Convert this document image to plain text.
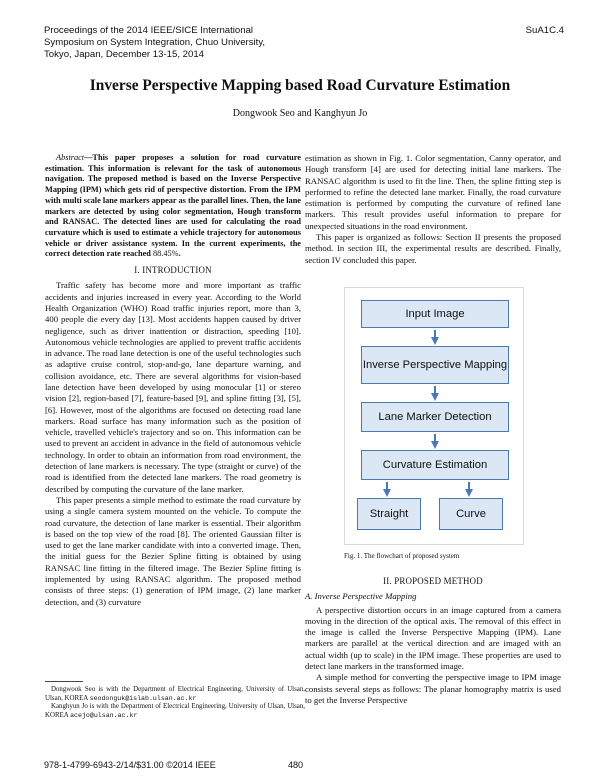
Proceedings of the 2014 IEEE/SICE International
Symposium on System Integration, Chuo University,
Tokyo, Japan, December 13-15, 2014
SuA1C.4
Inverse Perspective Mapping based Road Curvature Estimation
Dongwook Seo and Kanghyun Jo

Abstract—This paper proposes a solution for road curvature estimation. This information is relevant for the task of autonomous navigation. The proposed method is based on the Inverse Perspective Mapping (IPM) which gets rid of perspective distortion. From the IPM with multi scale lane markers appear as the parallel lines. Then, the lane markers are detected by using color segmentation, Hough transform and RANSAC. The detected lines are used for calculating the road curvature which is used to estimate a vehicle trajectory for autonomous vehicle or driver assistance system. In the current experiments, the correct detection rate reached 88.45%.

I. INTRODUCTION

Traffic safety has become more and more important as traffic accidents and injuries increased in every year. According to the World Health Organization (WHO) Road traffic injuries report, more than 3, 400 people die every day [13]. Most accidents happen caused by driver negligence, such as driver inattention or distraction, speeding [10]. Autonomous vehicle technologies are applied to prevent traffic accidents in advance. The road lane detection is one of the useful technologies such as adaptive cruise control, stop-and-go, lane departure warning, and collision avoidance, etc. There are several algorithms for vision-based lane detection have been developed by using monocular [1] or stereo vision [2], region-based [7], feature-based [9], and spline fitting [3], [5], [6]. However, most of the algorithms are focused on detecting road lane markers. Road surface has many information such as the position of vehicle, travelled vehicle's trajectory and so on. This information can be used to prevent an accident in advance in the field of autonomous vehicle technology. In order to obtain an information from road environment, the detection of lane markers is necessary. The type (straight or curve) of the road is identified from the detected lane markers. The road geometry is described by computing the curvature of the lane marker.

This paper presents a simple method to estimate the road curvature by using a single camera system mounted on the vehicle. To compute the road curvature, the detection of lane marker is essential. Their algorithm is based on the top view of the road [8]. The oriented Gaussian filter is used to get the lane marker candidate with into a converted image. Then, the initial guess for the Bezier Spline fitting is obtained by using RANSAC line fitting in the filtered image. The Bezier Spline fitting is implemented by using RANSAC algorithm. The proposed method consists of three steps: (1) generation of IPM image, (2) lane marker detection, and (3) curvature

estimation as shown in Fig. 1. Color segmentation, Canny operator, and Hough transform [4] are used for detecting initial lane markers. The RANSAC algorithm is used to fit the line. Then, the spline fitting step is performed to refine the detected lane marker. Finally, the road curvature estimation is performed by computing the curvature of refined lane markers. This result provides useful information to prepare for unexpected situations in the road environment.

This paper is organized as follows: Section II presents the proposed method. In section III, the experimental results are described. Finally, section IV concluded this paper.

Input Image
Inverse Perspective Mapping
Lane Marker Detection
Curvature Estimation
Straight	Curve
Fig. 1. The flowchart of proposed system
II. PROPOSED METHOD
A. Inverse Perspective Mapping

A perspective distortion occurs in an image captured from a camera moving in the direction of the optical axis. The removal of this effect in the image is called the Inverse Perspective Mapping (IPM). Lane markers are parallel at the vertical direction and are imaged with an actual width (up to scale) in the IPM image. These properties are used to detect lane markers in the transformed image.

A simple method for converting the perspective image to IPM image consists several steps as follows: The planar homography matrix is used to get the Inverse Perspective

Dongwook Seo is with the Department of Electrical Engineering, University of Ulsan, Ulsan, KOREA seodonguk@islab.ulsan.ac.kr

Kanghyun Jo is with the Department of Electrical Engineering, University of Ulsan, Ulsan, KOREA acejo@ulsan.ac.kr

978-1-4799-6943-2/14/$31.00 ©2014 IEEE	480
